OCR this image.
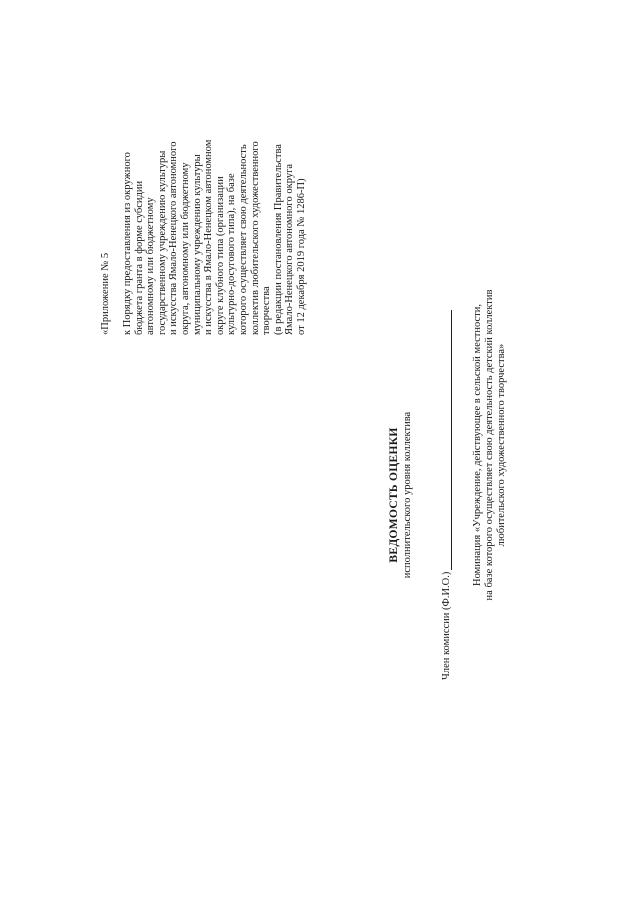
«Приложение № 5 к Порядку предоставления из окружного бюджета гранта в форме субсидии автономному или бюджетному государственному учреждению культуры и искусства Ямало-Ненецкого автономного округа, автономному или бюджетному муниципальному учреждению культуры и искусства в Ямало-Ненецком автономном округе клубного типа (организации культурно-досугового типа), на базе которого осуществляет свою деятельность коллектив любительского художественного творчества (в редакции постановления Правительства Ямало-Ненецкого автономного округа от 12 декабря 2019 года № 1286-П)
ВЕДОМОСТЬ ОЦЕНКИ исполнительского уровня коллектива
Член комиссии (Ф.И.О.)
Номинация «Учреждение, действующее в сельской местности, на базе которого осуществляет свою деятельность детский коллектив любительского художественного творчества»
